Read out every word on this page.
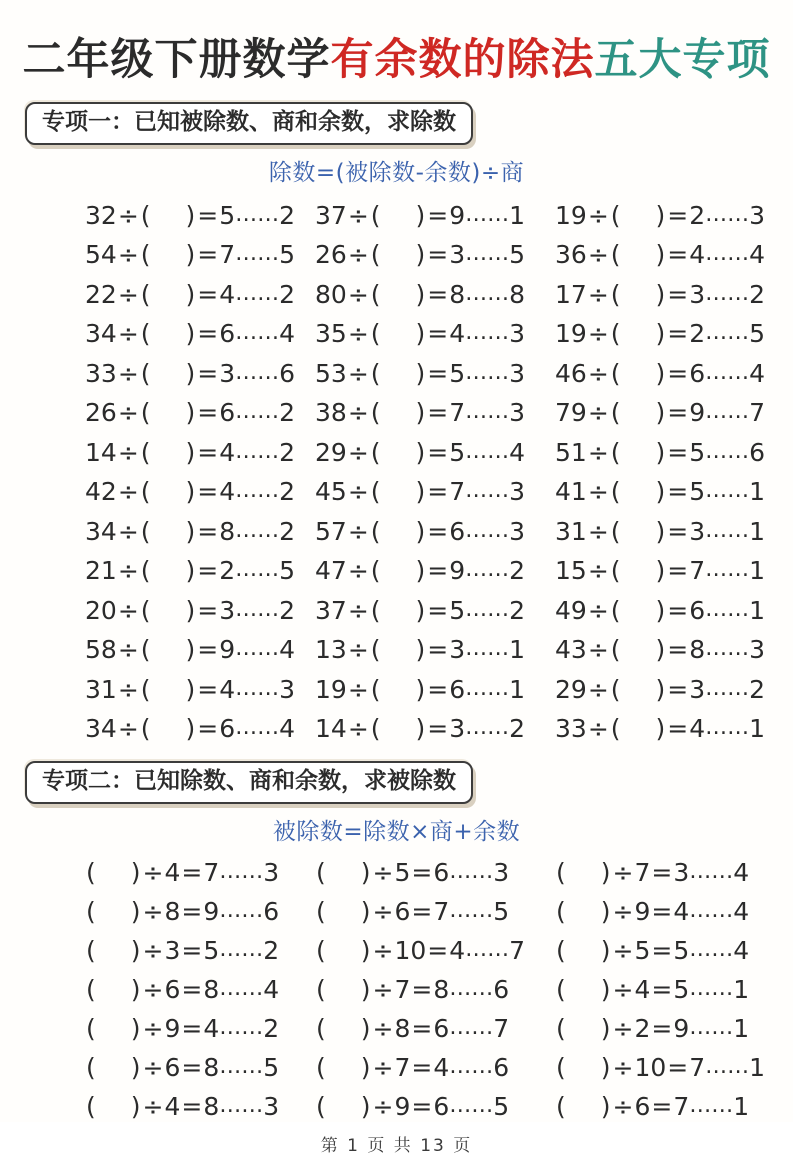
二年级下册数学有余数的除法五大专项
专项一：已知被除数、商和余数，求除数
除数=(被除数-余数)÷商
32÷( )=5……2 37÷( )=9……1	19÷( )=2……3
54÷( )=7……5 26÷( )=3……5	36÷( )=4……4
22÷( )=4……2 80÷( )=8……8	17÷( )=3……2
34÷( )=6……4 35÷( )=4……3	19÷( )=2……5
33÷( )=3……6 53÷( )=5……3	46÷( )=6……4
26÷( )=6……2 38÷( )=7……3	79÷( )=9……7
14÷( )=4……2 29÷( )=5……4	51÷( )=5……6
42÷( )=4……2 45÷( )=7……3	41÷( )=5……1
34÷( )=8……2 57÷( )=6……3	31÷( )=3……1
21÷( )=2……5 47÷( )=9……2	15÷( )=7……1
20÷( )=3……2 37÷( )=5……2	49÷( )=6……1
58÷( )=9……4 13÷( )=3……1	43÷( )=8……3
31÷( )=4……3 19÷( )=6……1	29÷( )=3……2
34÷( )=6……4 14÷( )=3……2	33÷( )=4……1
专项二：已知除数、商和余数，求被除数
被除数=除数×商+余数
( )÷4=7……3	( )÷5=6……3	( )÷7=3……4
( )÷8=9……6	( )÷6=7……5	( )÷9=4……4
( )÷3=5……2	( )÷10=4……7	( )÷5=5……4
( )÷6=8……4	( )÷7=8……6	( )÷4=5……1
( )÷9=4……2	( )÷8=6……7	( )÷2=9……1
( )÷6=8……5	( )÷7=4……6	( )÷10=7……1
( )÷4=8……3	( )÷9=6……5	( )÷6=7……1
第 1 页 共 13 页
